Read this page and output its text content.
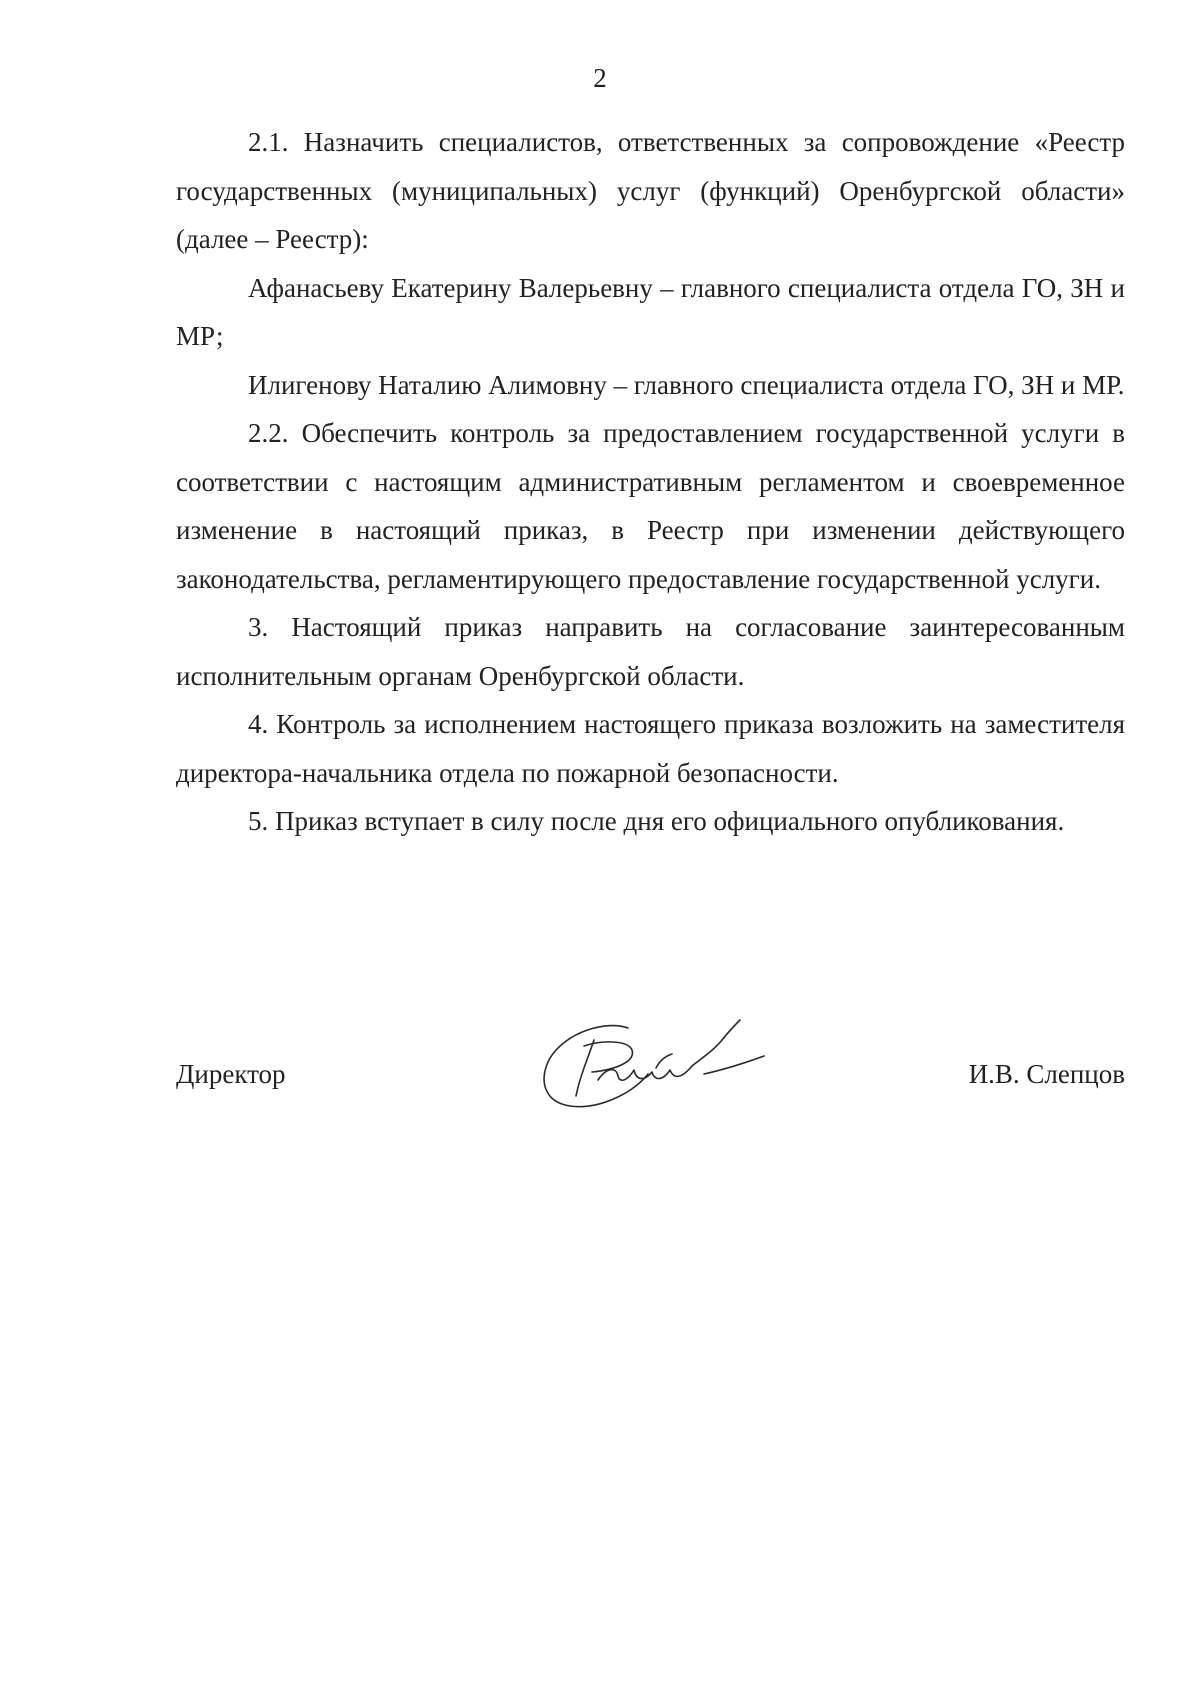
2

2.1. Назначить специалистов, ответственных за сопровождение «Реестр государственных (муниципальных) услуг (функций) Оренбургской области» (далее – Реестр):

Афанасьеву Екатерину Валерьевну – главного специалиста отдела ГО, ЗН и МР;

Илигенову Наталию Алимовну – главного специалиста отдела ГО, ЗН и МР.

2.2. Обеспечить контроль за предоставлением государственной услуги в соответствии с настоящим административным регламентом и своевременное изменение в настоящий приказ, в Реестр при изменении действующего законодательства, регламентирующего предоставление государственной услуги.

3. Настоящий приказ направить на согласование заинтересованным исполнительным органам Оренбургской области.

4. Контроль за исполнением настоящего приказа возложить на заместителя директора-начальника отдела по пожарной безопасности.

5. Приказ вступает в силу после дня его официального опубликования.

Директор	И.В. Слепцов
